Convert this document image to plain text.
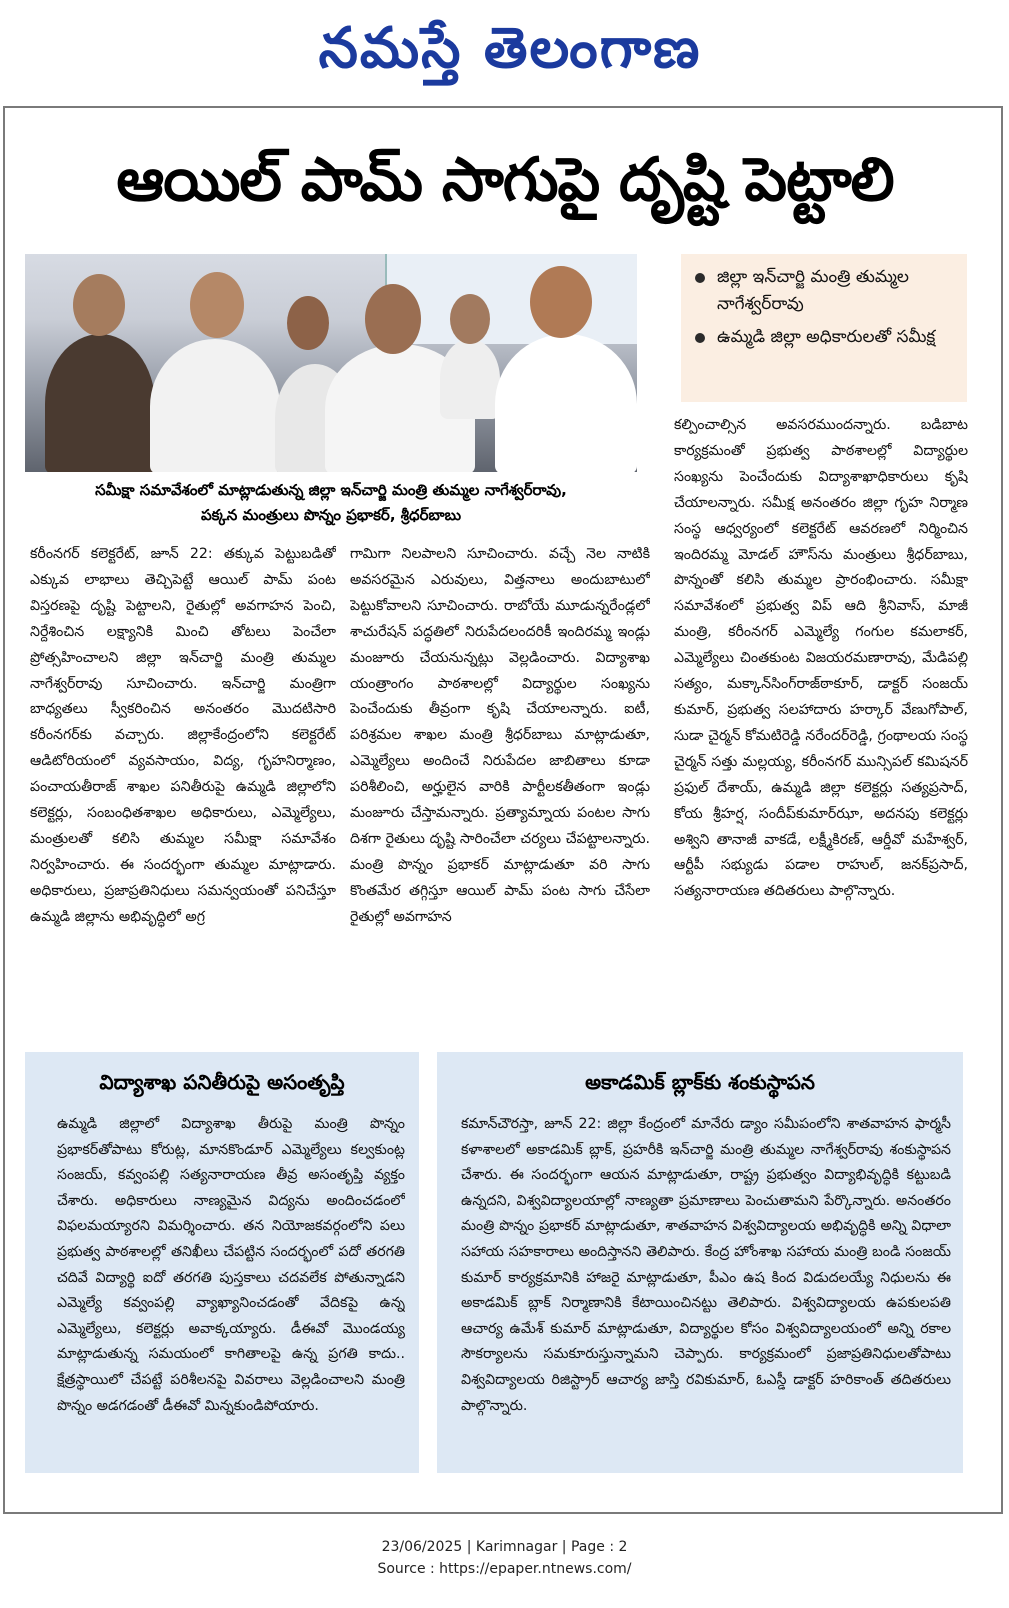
నమస్తే తెలంగాణ
ఆయిల్ పామ్ సాగుపై దృష్టి పెట్టాలి
సమీక్షా సమావేశంలో మాట్లాడుతున్న జిల్లా ఇన్‌చార్జి మంత్రి తుమ్మల నాగేశ్వర్‌రావు,
పక్కన మంత్రులు పొన్నం ప్రభాకర్, శ్రీధర్‌బాబు
జిల్లా ఇన్‌చార్జి మంత్రి తుమ్మల నాగేశ్వర్‌రావు
ఉమ్మడి జిల్లా అధికారులతో సమీక్ష

కరీంనగర్ కలెక్టరేట్, జూన్ 22: తక్కువ పెట్టుబడితో ఎక్కువ లాభాలు తెచ్చిపెట్టే ఆయిల్ పామ్ పంట విస్తరణపై దృష్టి పెట్టాలని, రైతుల్లో అవగాహన పెంచి, నిర్దేశించిన లక్ష్యానికి మించి తోటలు పెంచేలా ప్రోత్సహించాలని జిల్లా ఇన్‌చార్జి మంత్రి తుమ్మల నాగేశ్వర్‌రావు సూచించారు. ఇన్‌చార్జి మంత్రిగా బాధ్యతలు స్వీకరించిన అనంతరం మొదటిసారి కరీంనగర్‌కు వచ్చారు. జిల్లాకేంద్రంలోని కలెక్టరేట్ ఆడిటోరియంలో వ్యవసాయం, విద్య, గృహనిర్మాణం, పంచాయతీరాజ్ శాఖల పనితీరుపై ఉమ్మడి జిల్లాలోని కలెక్టర్లు, సంబంధితశాఖల అధికారులు, ఎమ్మెల్యేలు, మంత్రులతో కలిసి తుమ్మల సమీక్షా సమావేశం నిర్వహించారు. ఈ సందర్భంగా తుమ్మల మాట్లాడారు. అధికారులు, ప్రజాప్రతినిధులు సమన్వయంతో పనిచేస్తూ ఉమ్మడి జిల్లాను అభివృద్ధిలో అగ్ర

గామిగా నిలపాలని సూచించారు. వచ్చే నెల నాటికి అవసరమైన ఎరువులు, విత్తనాలు అందుబాటులో పెట్టుకోవాలని సూచించారు. రాబోయే మూడున్నరేండ్లలో శాచురేషన్ పద్ధతిలో నిరుపేదలందరికీ ఇందిరమ్మ ఇండ్లు మంజూరు చేయనున్నట్లు వెల్లడించారు. విద్యాశాఖ యంత్రాంగం పాఠశాలల్లో విద్యార్థుల సంఖ్యను పెంచేందుకు తీవ్రంగా కృషి చేయాలన్నారు. ఐటీ, పరిశ్రమల శాఖల మంత్రి శ్రీధర్‌బాబు మాట్లాడుతూ, ఎమ్మెల్యేలు అందించే నిరుపేదల జాబితాలు కూడా పరిశీలించి, అర్హులైన వారికి పార్టీలకతీతంగా ఇండ్లు మంజూరు చేస్తామన్నారు. ప్రత్యామ్నాయ పంటల సాగు దిశగా రైతులు దృష్టి సారించేలా చర్యలు చేపట్టాలన్నారు. మంత్రి పొన్నం ప్రభాకర్ మాట్లాడుతూ వరి సాగు కొంతమేర తగ్గిస్తూ ఆయిల్ పామ్ పంట సాగు చేసేలా రైతుల్లో అవగాహన

కల్పించాల్సిన అవసరముందన్నారు. బడిబాట కార్యక్రమంతో ప్రభుత్వ పాఠశాలల్లో విద్యార్థుల సంఖ్యను పెంచేందుకు విద్యాశాఖాధికారులు కృషి చేయాలన్నారు. సమీక్ష అనంతరం జిల్లా గృహ నిర్మాణ సంస్థ ఆధ్వర్యంలో కలెక్టరేట్ ఆవరణలో నిర్మించిన ఇందిరమ్మ మోడల్ హౌస్‌ను మంత్రులు శ్రీధర్‌బాబు, పొన్నంతో కలిసి తుమ్మల ప్రారంభించారు. సమీక్షా సమావేశంలో ప్రభుత్వ విప్ ఆది శ్రీనివాస్, మాజీ మంత్రి, కరీంనగర్ ఎమ్మెల్యే గంగుల కమలాకర్, ఎమ్మెల్యేలు చింతకుంట విజయరమణారావు, మేడిపల్లి సత్యం, మక్కాన్‌సింగ్‌రాజ్‌ఠాకూర్, డాక్టర్ సంజయ్ కుమార్, ప్రభుత్వ సలహాదారు హర్కార్ వేణుగోపాల్, సుడా చైర్మన్ కోమటిరెడ్డి నరేందర్‌రెడ్డి, గ్రంథాలయ సంస్థ చైర్మన్ సత్తు మల్లయ్య, కరీంనగర్ మున్సిపల్ కమిషనర్ ప్రఫుల్ దేశాయ్, ఉమ్మడి జిల్లా కలెక్టర్లు సత్యప్రసాద్, కోయ శ్రీహర్ష, సందీప్‌కుమార్‌ఝా, అదనపు కలెక్టర్లు అశ్విని తానాజీ వాకడే, లక్ష్మీకిరణ్, ఆర్డీవో మహేశ్వర్, ఆర్టీపీ సభ్యుడు పడాల రాహుల్, జనక్‌ప్రసాద్, సత్యనారాయణ తదితరులు పాల్గొన్నారు.

విద్యాశాఖ పనితీరుపై అసంతృప్తి

ఉమ్మడి జిల్లాలో విద్యాశాఖ తీరుపై మంత్రి పొన్నం ప్రభాకర్‌తోపాటు కోరుట్ల, మానకొండూర్ ఎమ్మెల్యేలు కల్వకుంట్ల సంజయ్, కవ్వంపల్లి సత్యనారాయణ తీవ్ర అసంతృప్తి వ్యక్తం చేశారు. అధికారులు నాణ్యమైన విద్యను అందించడంలో విఫలమయ్యారని విమర్శించారు. తన నియోజకవర్గంలోని పలు ప్రభుత్వ పాఠశాలల్లో తనిఖీలు చేపట్టిన సందర్భంలో పదో తరగతి చదివే విద్యార్థి ఐదో తరగతి పుస్తకాలు చదవలేక పోతున్నాడని ఎమ్మెల్యే కవ్వంపల్లి వ్యాఖ్యానించడంతో వేదికపై ఉన్న ఎమ్మెల్యేలు, కలెక్టర్లు అవాక్కయ్యారు. డీఈవో మొండయ్య మాట్లాడుతున్న సమయంలో కాగితాలపై ఉన్న ప్రగతి కాదు.. క్షేత్రస్థాయిలో చేపట్టే పరిశీలనపై వివరాలు వెల్లడించాలని మంత్రి పొన్నం అడగడంతో డీఈవో మిన్నకుండిపోయారు.

అకాడమిక్ బ్లాక్‌కు శంకుస్థాపన

కమాన్‌చౌరస్తా, జూన్ 22: జిల్లా కేంద్రంలో మానేరు డ్యాం సమీపంలోని శాతవాహన ఫార్మసీ కళాశాలలో అకాడమిక్ బ్లాక్, ప్రహరీకి ఇన్‌చార్జి మంత్రి తుమ్మల నాగేశ్వర్‌రావు శంకుస్థాపన చేశారు. ఈ సందర్భంగా ఆయన మాట్లాడుతూ, రాష్ట్ర ప్రభుత్వం విద్యాభివృద్ధికి కట్టుబడి ఉన్నదని, విశ్వవిద్యాలయాల్లో నాణ్యతా ప్రమాణాలు పెంచుతామని పేర్కొన్నారు. అనంతరం మంత్రి పొన్నం ప్రభాకర్ మాట్లాడుతూ, శాతవాహన విశ్వవిద్యాలయ అభివృద్ధికి అన్ని విధాలా సహాయ సహకారాలు అందిస్తానని తెలిపారు. కేంద్ర హోంశాఖ సహాయ మంత్రి బండి సంజయ్ కుమార్ కార్యక్రమానికి హాజరై మాట్లాడుతూ, పీఎం ఉష కింద విడుదలయ్యే నిధులను ఈ అకాడమిక్ బ్లాక్ నిర్మాణానికి కేటాయించినట్టు తెలిపారు. విశ్వవిద్యాలయ ఉపకులపతి ఆచార్య ఉమేశ్ కుమార్ మాట్లాడుతూ, విద్యార్థుల కోసం విశ్వవిద్యాలయంలో అన్ని రకాల సౌకర్యాలను సమకూరుస్తున్నామని చెప్పారు. కార్యక్రమంలో ప్రజాప్రతినిధులతోపాటు విశ్వవిద్యాలయ రిజిస్ట్రార్ ఆచార్య జాస్తి రవికుమార్, ఓఎస్డీ డాక్టర్ హరికాంత్ తదితరులు పాల్గొన్నారు.

23/06/2025 | Karimnagar | Page : 2
Source : https://epaper.ntnews.com/
